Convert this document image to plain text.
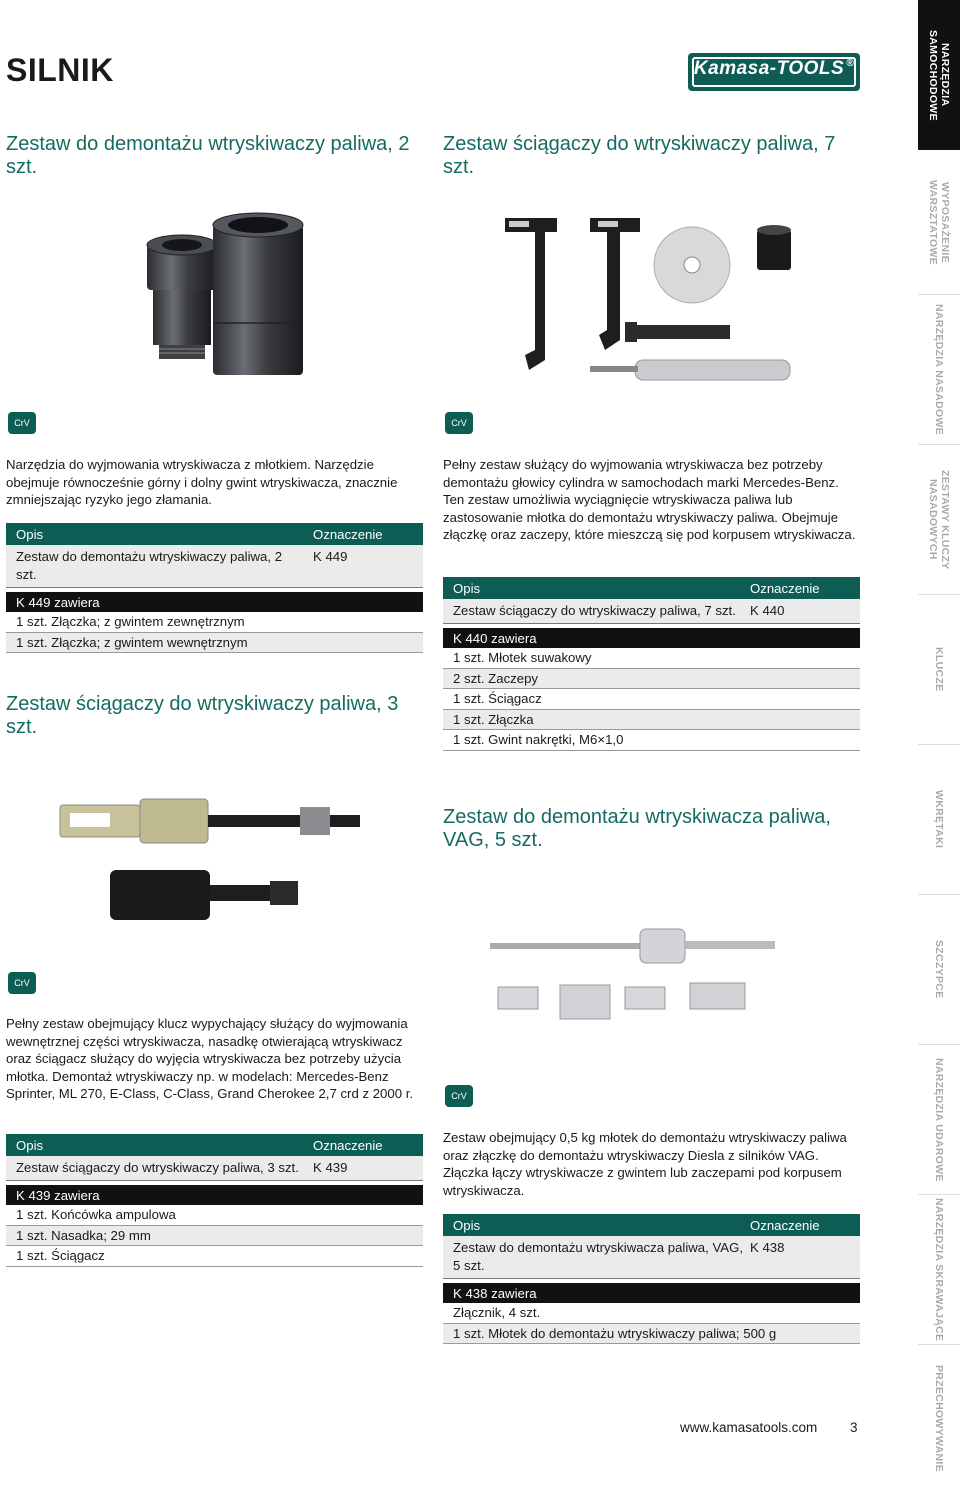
SILNIK	Kamasa-TOOLS ®
Zestaw do demontażu wtryskiwaczy paliwa, 2 szt.
CrV
Narzędzia do wyjmowania wtryskiwacza z młotkiem. Narzędzie obejmuje równocześnie górny i dolny gwint wtryskiwacza, znacznie zmniejszając ryzyko jego złamania.
Opis	Oznaczenie
Zestaw do demontażu wtryskiwaczy paliwa, 2 szt.
K 449
K 449 zawiera
1 szt. Złączka; z gwintem zewnętrznym
1 szt. Złączka; z gwintem wewnętrznym
Zestaw ściągaczy do wtryskiwaczy paliwa, 7 szt.
CrV
Pełny zestaw służący do wyjmowania wtryskiwacza bez potrzeby demontażu głowicy cylindra w samochodach marki Mercedes-Benz. Ten zestaw umożliwia wyciągnięcie wtryskiwacza paliwa lub zastosowanie młotka do demontażu wtryskiwaczy paliwa. Obejmuje złączkę oraz zaczepy, które mieszczą się pod korpusem wtryskiwacza.
Opis	Oznaczenie
Zestaw ściągaczy do wtryskiwaczy paliwa, 7 szt.	K 440
K 440 zawiera
1 szt. Młotek suwakowy
2 szt. Zaczepy
1 szt. Ściągacz
1 szt. Złączka
1 szt. Gwint nakrętki, M6×1,0
Zestaw ściągaczy do wtryskiwaczy paliwa, 3 szt.
CrV
Pełny zestaw obejmujący klucz wypychający służący do wyjmowania wewnętrznej części wtryskiwacza, nasadkę otwierającą wtryskiwacz oraz ściągacz służący do wyjęcia wtryskiwacza bez potrzeby użycia młotka. Demontaż wtryskiwaczy np. w modelach: Mercedes-Benz Sprinter, ML 270, E-Class, C-Class, Grand Cherokee 2,7 crd z 2000 r.
Opis	Oznaczenie
Zestaw ściągaczy do wtryskiwaczy paliwa, 3 szt.	K 439
K 439 zawiera
1 szt. Końcówka ampulowa
1 szt. Nasadka; 29 mm
1 szt. Ściągacz
Zestaw do demontażu wtryskiwacza paliwa, VAG, 5 szt.
CrV
Zestaw obejmujący 0,5 kg młotek do demontażu wtryskiwaczy paliwa oraz złączkę do demontażu wtryskiwaczy Diesla z silników VAG. Złączka łączy wtryskiwacze z gwintem lub zaczepami pod korpusem wtryskiwacza.
Opis	Oznaczenie
Zestaw do demontażu wtryskiwacza paliwa, VAG, 5 szt.
K 438
K 438 zawiera
Złącznik, 4 szt.
1 szt. Młotek do demontażu wtryskiwaczy paliwa; 500 g
www.kamasatools.com 3
NARZĘDZIA SAMOCHODOWE
WYPOSAŻENIE WARSZTATOWE
NARZĘDZIA NASADOWE
ZESTAWY KLUCZY NASADOWYCH
KLUCZE
WKRĘTAKI
SZCZYPCE
NARZĘDZIA UDAROWE
NARZĘDZIA SKRAWAJĄCE
PRZECHOWYWANIE
